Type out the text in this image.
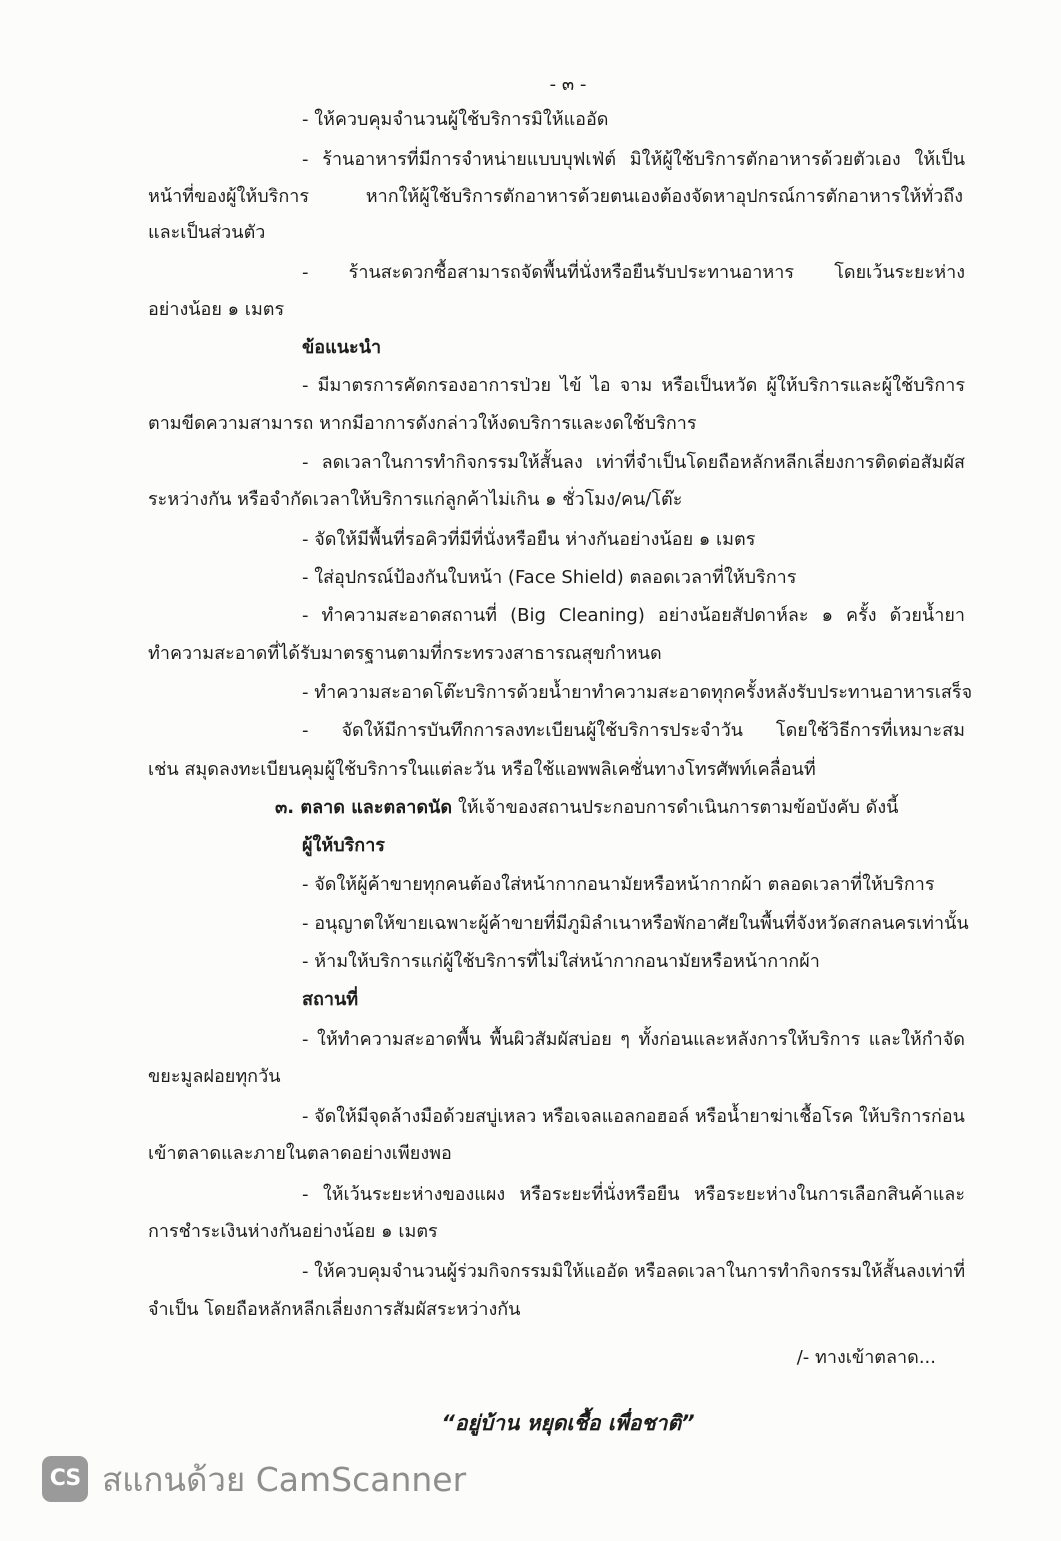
- ๓ -
- ให้ควบคุมจำนวนผู้ใช้บริการมิให้แออัด
- ร้านอาหารที่มีการจำหน่ายแบบบุฟเฟ่ต์ มิให้ผู้ใช้บริการตักอาหารด้วยตัวเอง ให้เป็น
หน้าที่ของผู้ให้บริการ หากให้ผู้ใช้บริการตักอาหารด้วยตนเองต้องจัดหาอุปกรณ์การตักอาหารให้ทั่วถึง
และเป็นส่วนตัว
- ร้านสะดวกซื้อสามารถจัดพื้นที่นั่งหรือยืนรับประทานอาหาร โดยเว้นระยะห่าง
อย่างน้อย ๑ เมตร
ข้อแนะนำ
- มีมาตรการคัดกรองอาการป่วย ไข้ ไอ จาม หรือเป็นหวัด ผู้ให้บริการและผู้ใช้บริการ
ตามขีดความสามารถ หากมีอาการดังกล่าวให้งดบริการและงดใช้บริการ
- ลดเวลาในการทำกิจกรรมให้สั้นลง เท่าที่จำเป็นโดยถือหลักหลีกเลี่ยงการติดต่อสัมผัส
ระหว่างกัน หรือจำกัดเวลาให้บริการแก่ลูกค้าไม่เกิน ๑ ชั่วโมง/คน/โต๊ะ
- จัดให้มีพื้นที่รอคิวที่มีที่นั่งหรือยืน ห่างกันอย่างน้อย ๑ เมตร
- ใส่อุปกรณ์ป้องกันใบหน้า (Face Shield) ตลอดเวลาที่ให้บริการ
- ทำความสะอาดสถานที่ (Big Cleaning) อย่างน้อยสัปดาห์ละ ๑ ครั้ง ด้วยน้ำยา
ทำความสะอาดที่ได้รับมาตรฐานตามที่กระทรวงสาธารณสุขกำหนด
- ทำความสะอาดโต๊ะบริการด้วยน้ำยาทำความสะอาดทุกครั้งหลังรับประทานอาหารเสร็จ
- จัดให้มีการบันทึกการลงทะเบียนผู้ใช้บริการประจำวัน โดยใช้วิธีการที่เหมาะสม
เช่น สมุดลงทะเบียนคุมผู้ใช้บริการในแต่ละวัน หรือใช้แอพพลิเคชั่นทางโทรศัพท์เคลื่อนที่
๓. ตลาด และตลาดนัด ให้เจ้าของสถานประกอบการดำเนินการตามข้อบังคับ ดังนี้
ผู้ให้บริการ
- จัดให้ผู้ค้าขายทุกคนต้องใส่หน้ากากอนามัยหรือหน้ากากผ้า ตลอดเวลาที่ให้บริการ
- อนุญาตให้ขายเฉพาะผู้ค้าขายที่มีภูมิลำเนาหรือพักอาศัยในพื้นที่จังหวัดสกลนครเท่านั้น
- ห้ามให้บริการแก่ผู้ใช้บริการที่ไม่ใส่หน้ากากอนามัยหรือหน้ากากผ้า
สถานที่
- ให้ทำความสะอาดพื้น พื้นผิวสัมผัสบ่อย ๆ ทั้งก่อนและหลังการให้บริการ และให้กำจัด
ขยะมูลฝอยทุกวัน
- จัดให้มีจุดล้างมือด้วยสบู่เหลว หรือเจลแอลกอฮอล์ หรือน้ำยาฆ่าเชื้อโรค ให้บริการก่อน
เข้าตลาดและภายในตลาดอย่างเพียงพอ
- ให้เว้นระยะห่างของแผง หรือระยะที่นั่งหรือยืน หรือระยะห่างในการเลือกสินค้าและ
การชำระเงินห่างกันอย่างน้อย ๑ เมตร
- ให้ควบคุมจำนวนผู้ร่วมกิจกรรมมิให้แออัด หรือลดเวลาในการทำกิจกรรมให้สั้นลงเท่าที่
จำเป็น โดยถือหลักหลีกเลี่ยงการสัมผัสระหว่างกัน
/- ทางเข้าตลาด...
“อยู่บ้าน หยุดเชื้อ เพื่อชาติ”
CS สแกนด้วย CamScanner
